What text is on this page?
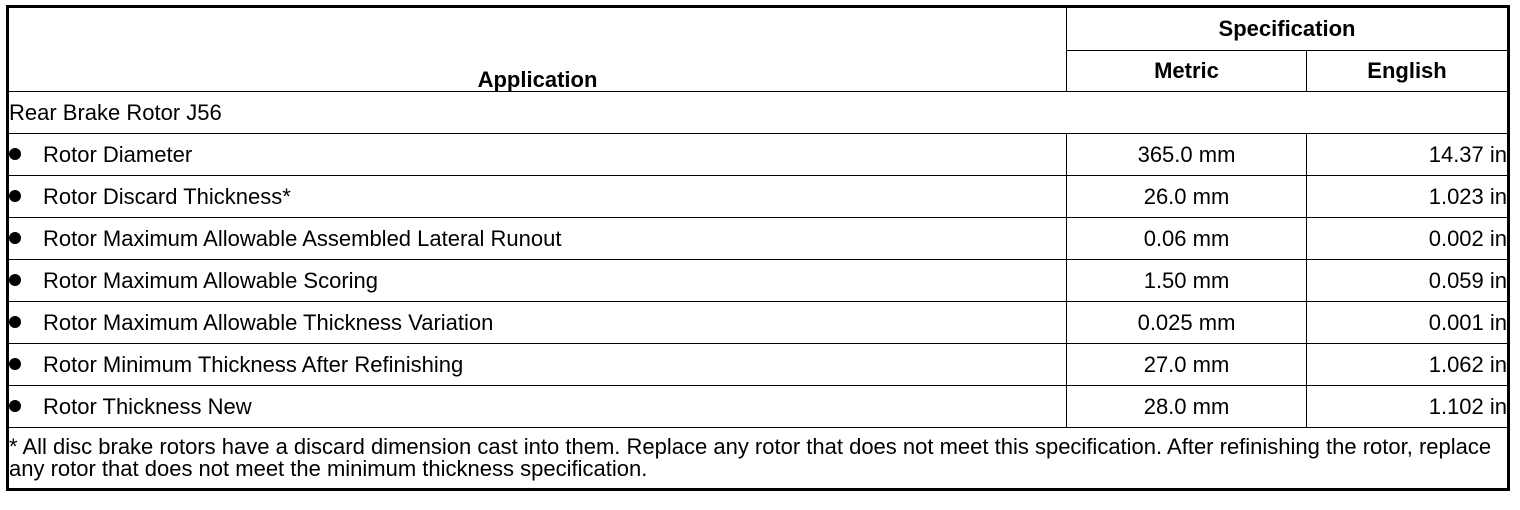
Application	Specification	
	Metric	English
Rear Brake Rotor J56		
Rotor Diameter	365.0 mm	14.37 in
Rotor Discard Thickness*	26.0 mm	1.023 in
Rotor Maximum Allowable Assembled Lateral Runout	0.06 mm	0.002 in
Rotor Maximum Allowable Scoring	1.50 mm	0.059 in
Rotor Maximum Allowable Thickness Variation	0.025 mm	0.001 in
Rotor Minimum Thickness After Refinishing	27.0 mm	1.062 in
Rotor Thickness New	28.0 mm	1.102 in
* All disc brake rotors have a discard dimension cast into them. Replace any rotor that does not meet this specification. After refinishing the rotor, replace any rotor that does not meet the minimum thickness specification.		
